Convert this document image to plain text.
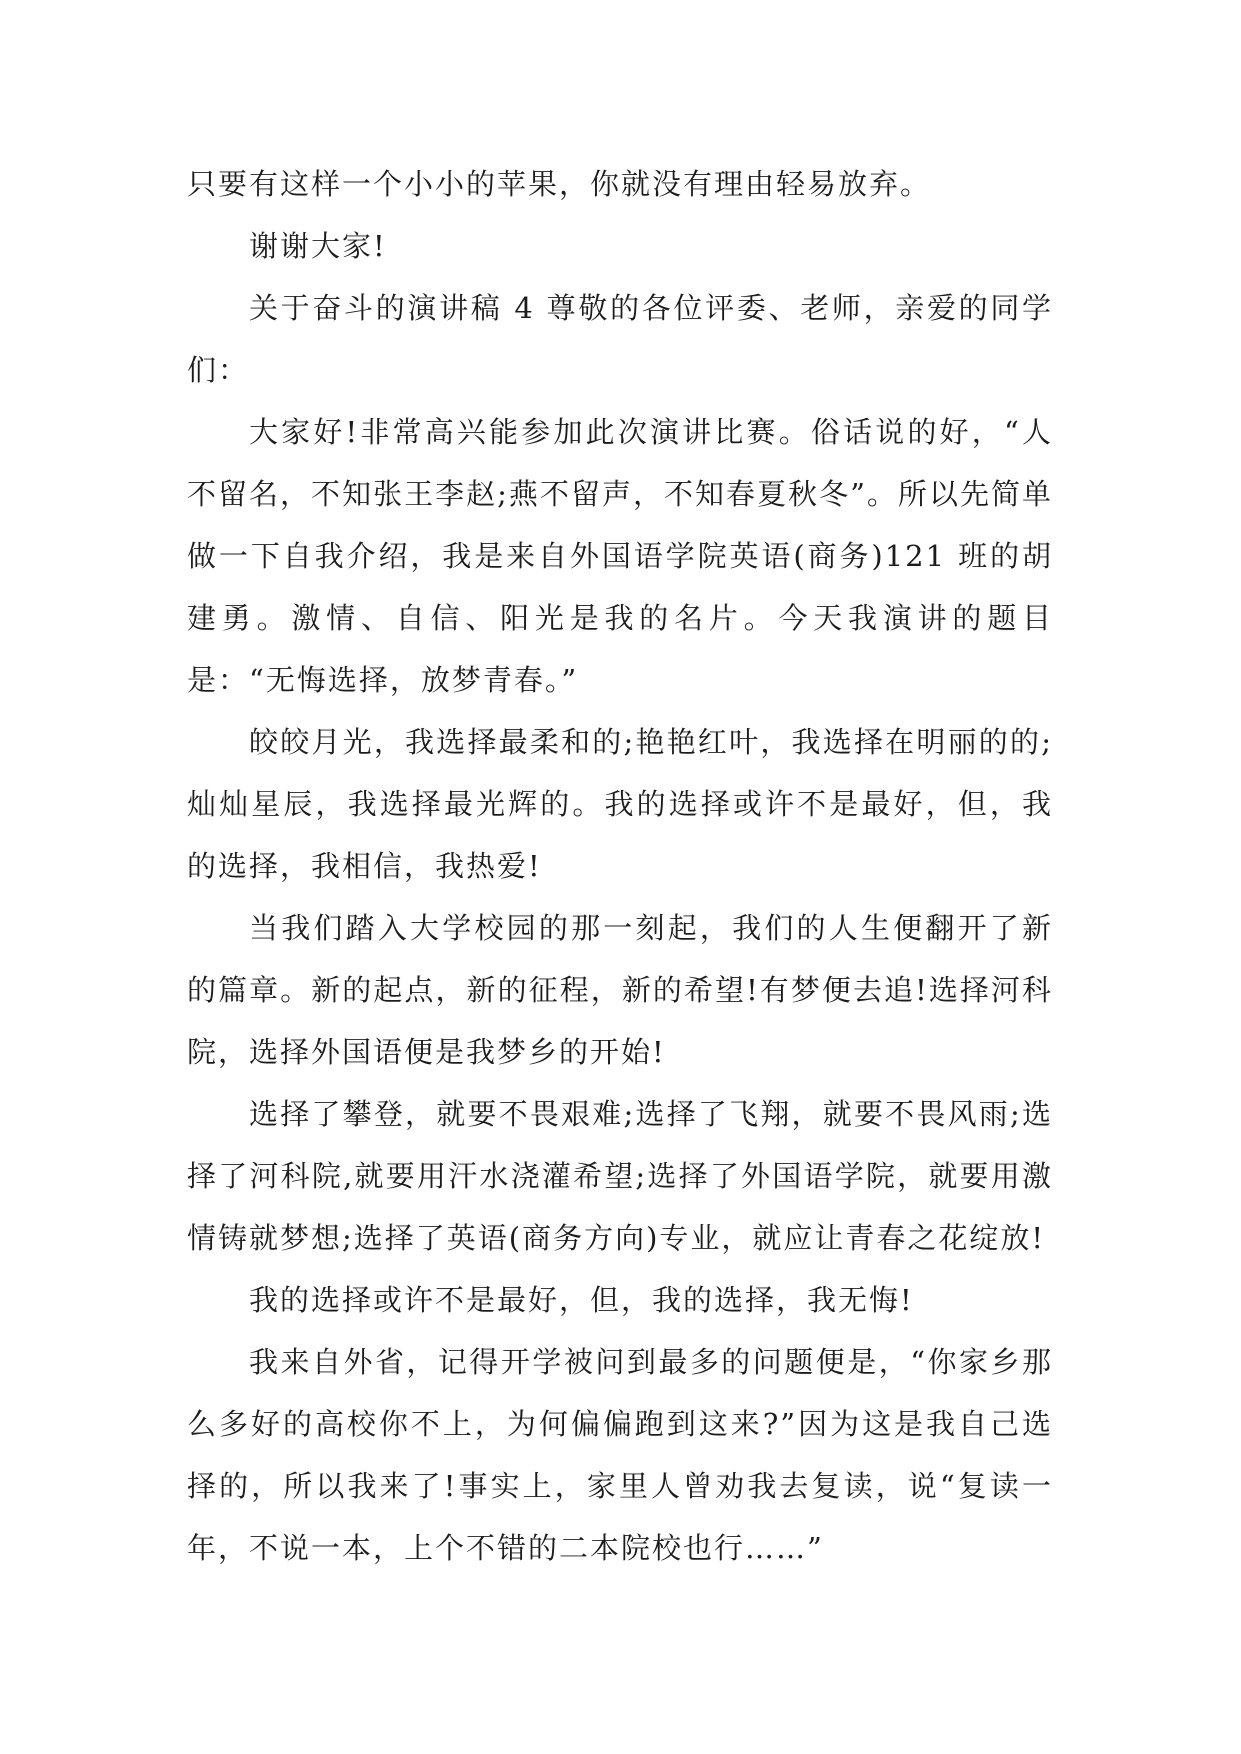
只要有这样一个小小的苹果，你就没有理由轻易放弃。

谢谢大家!

关于奋斗的演讲稿 4 尊敬的各位评委、老师，亲爱的同学们：

大家好!非常高兴能参加此次演讲比赛。俗话说的好，“人不留名，不知张王李赵;燕不留声，不知春夏秋冬”。所以先简单做一下自我介绍，我是来自外国语学院英语(商务)121 班的胡建勇。激情、自信、阳光是我的名片。今天我演讲的题目是：“无悔选择，放梦青春。”

皎皎月光，我选择最柔和的;艳艳红叶，我选择在明丽的的;灿灿星辰，我选择最光辉的。我的选择或许不是最好，但，我的选择，我相信，我热爱!

当我们踏入大学校园的那一刻起，我们的人生便翻开了新的篇章。新的起点，新的征程，新的希望!有梦便去追!选择河科院，选择外国语便是我梦乡的开始!

选择了攀登，就要不畏艰难;选择了飞翔，就要不畏风雨;选择了河科院,就要用汗水浇灌希望;选择了外国语学院，就要用激情铸就梦想;选择了英语(商务方向)专业，就应让青春之花绽放!

我的选择或许不是最好，但，我的选择，我无悔!

我来自外省，记得开学被问到最多的问题便是，“你家乡那么多好的高校你不上，为何偏偏跑到这来?”因为这是我自己选择的，所以我来了!事实上，家里人曾劝我去复读，说“复读一年，不说一本，上个不错的二本院校也行……”
